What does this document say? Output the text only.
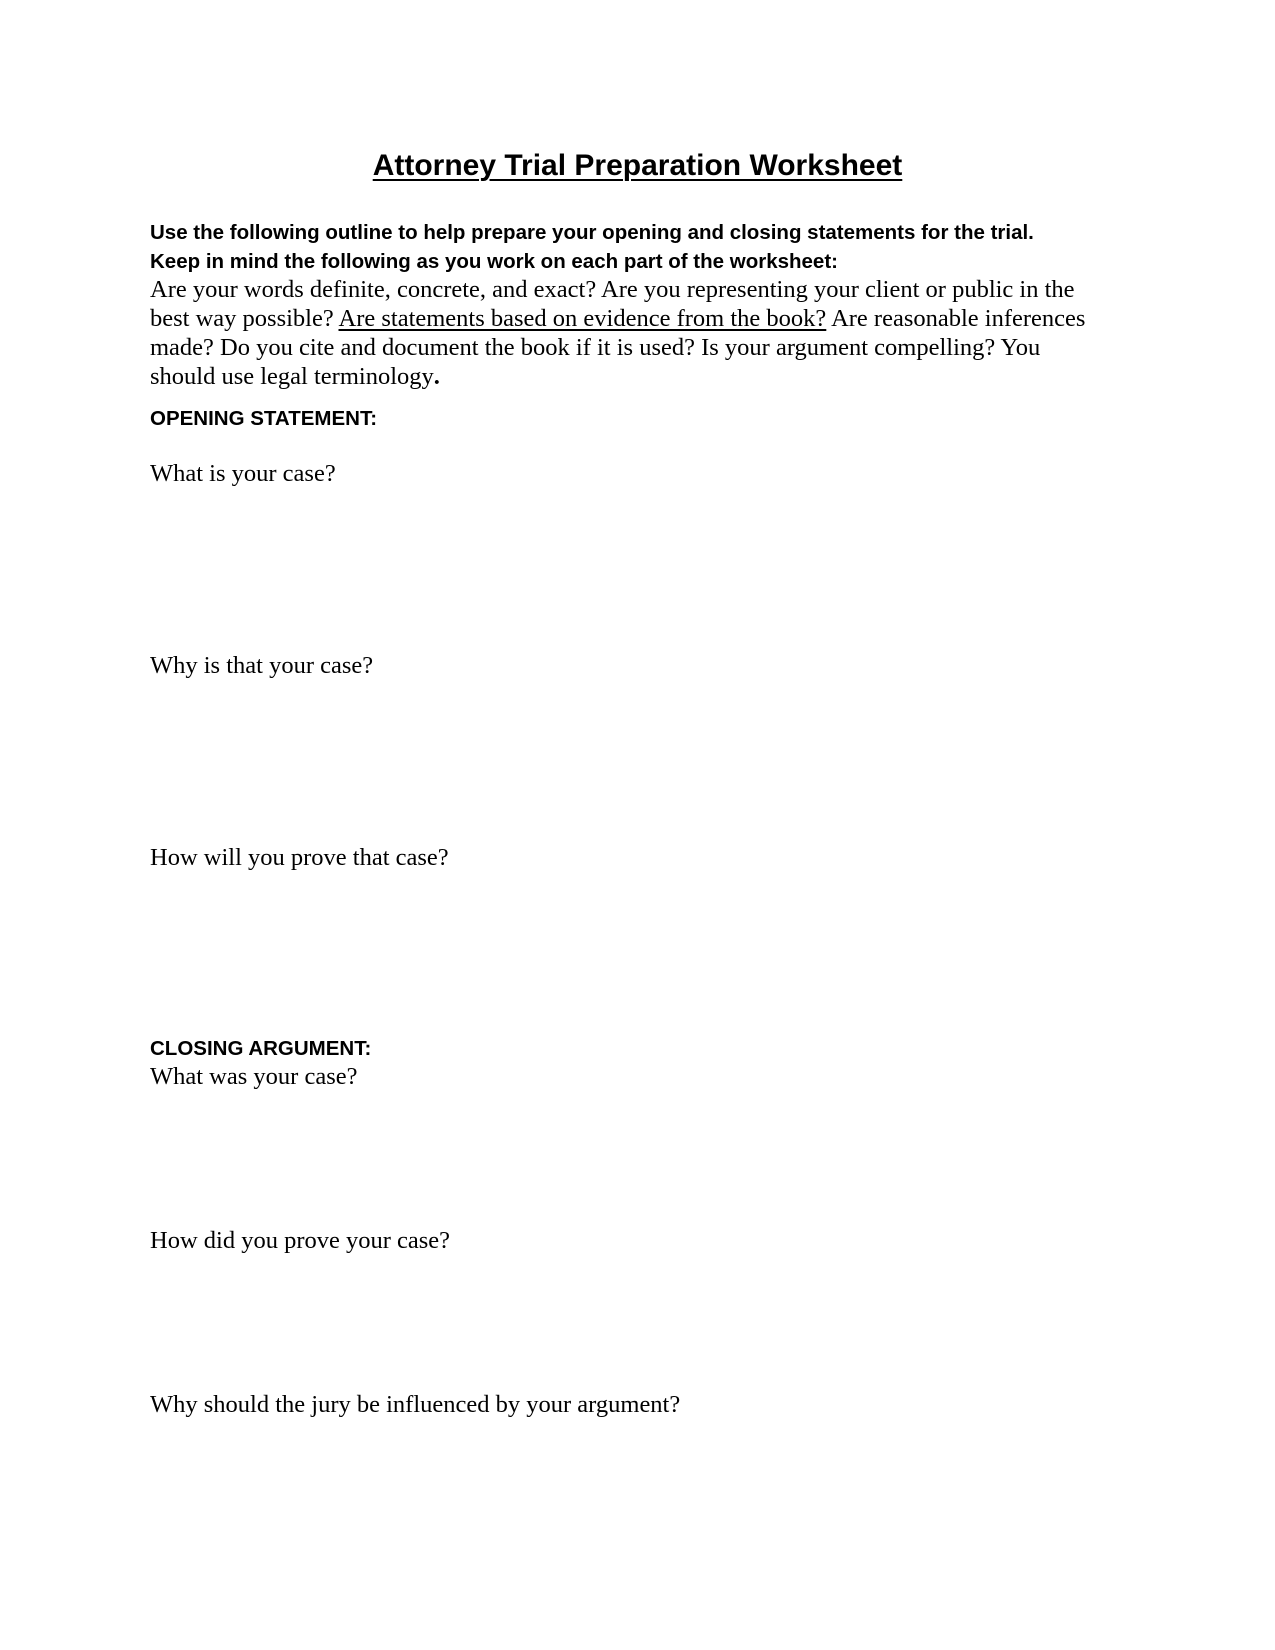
Attorney Trial Preparation Worksheet
Use the following outline to help prepare your opening and closing statements for the trial.
Keep in mind the following as you work on each part of the worksheet:

Are your words definite, concrete, and exact? Are you representing your client or public in the best way possible? Are statements based on evidence from the book? Are reasonable inferences made? Do you cite and document the book if it is used? Is your argument compelling? You should use legal terminology.

OPENING STATEMENT:
What is your case?
Why is that your case?
How will you prove that case?
CLOSING ARGUMENT:
What was your case?
How did you prove your case?
Why should the jury be influenced by your argument?
